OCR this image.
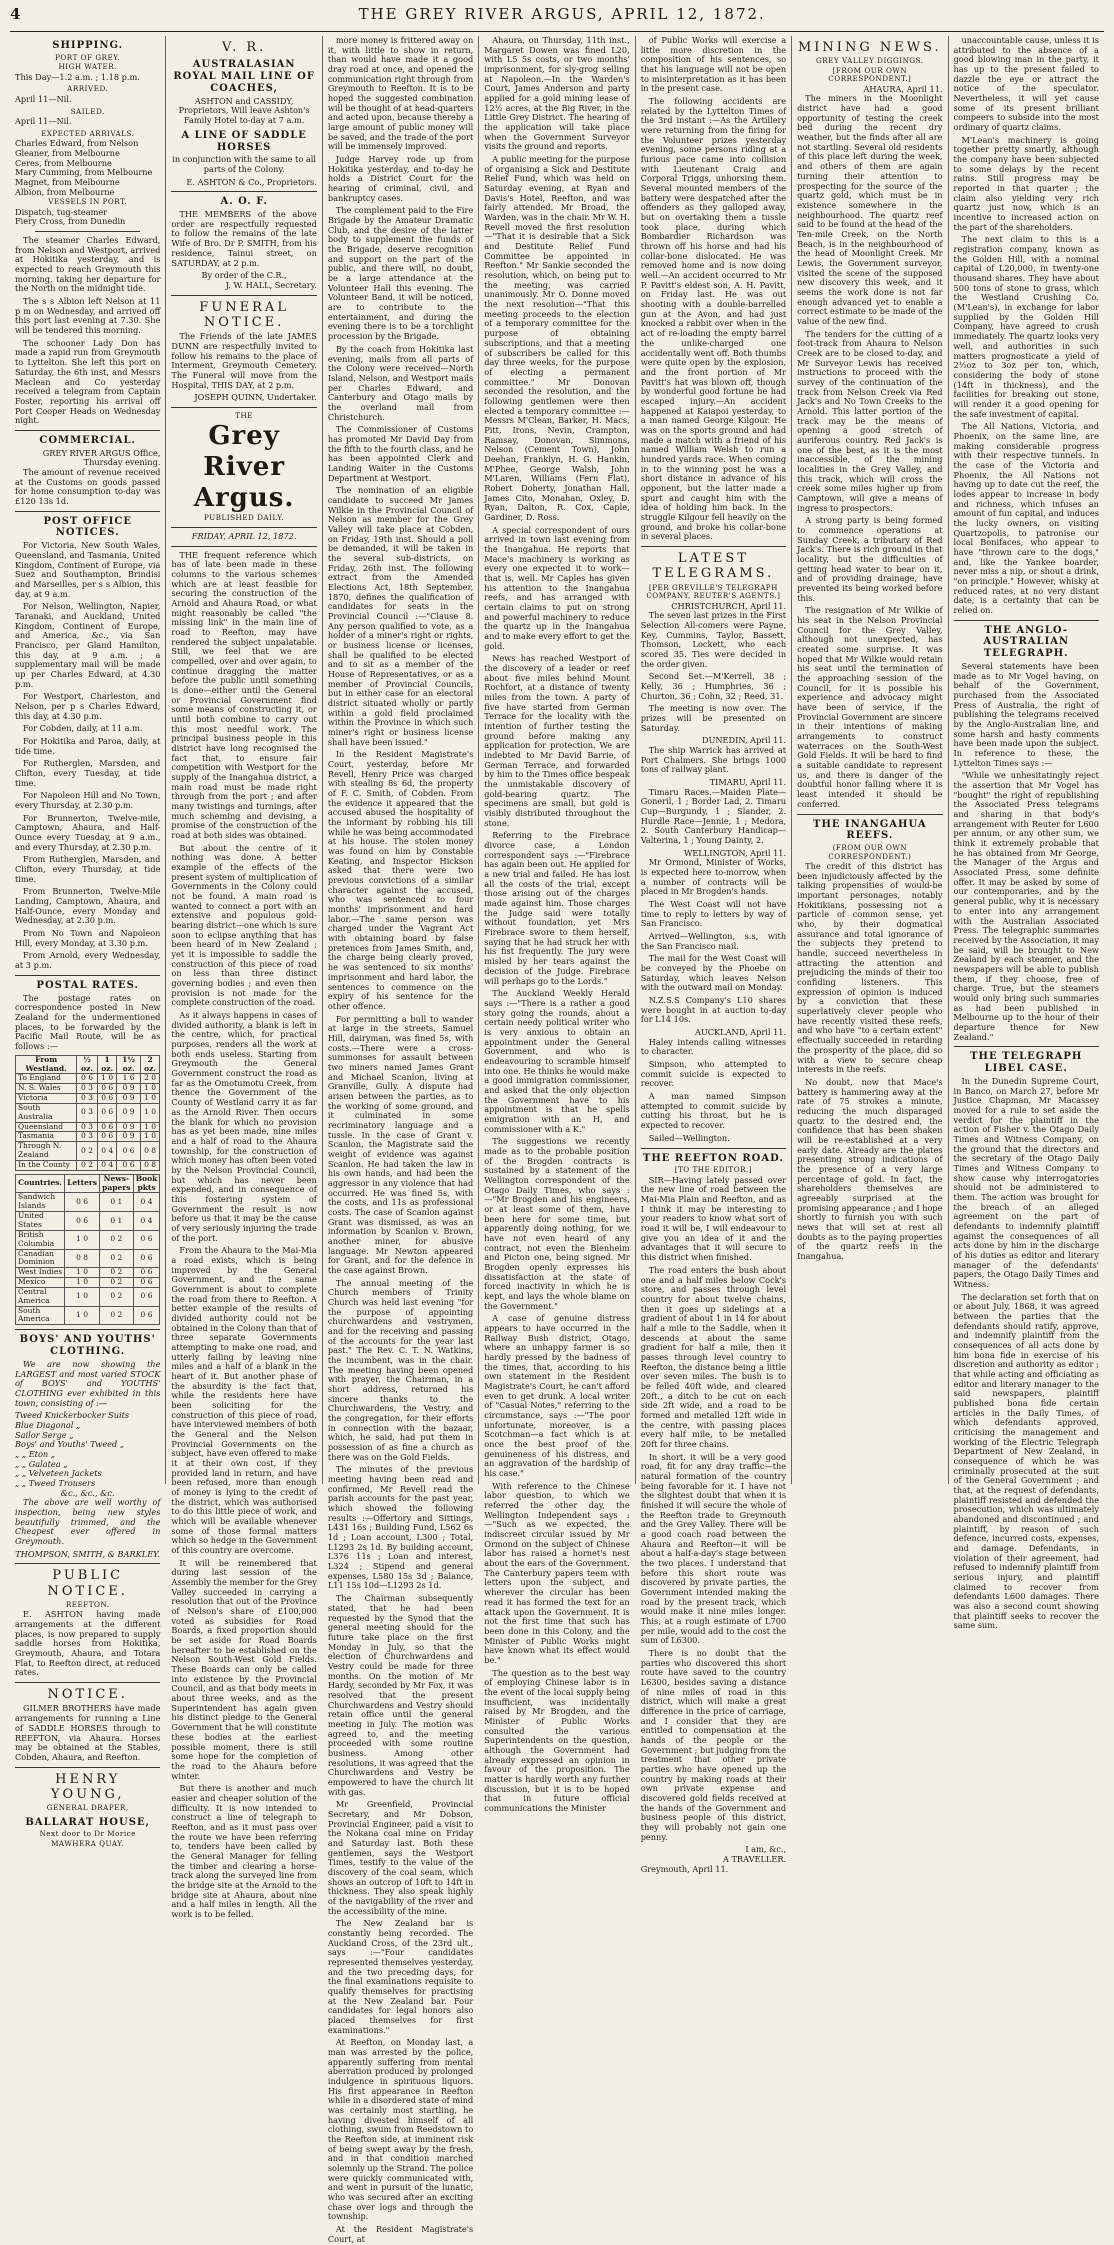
4	THE GREY RIVER ARGUS, APRIL 12, 1872.
SHIPPING.
PORT OF GREY.
HIGH WATER.

This Day—1.2 a.m. ; 1.18 p.m.

ARRIVED.

April 11—Nil.

SAILED.

April 11—Nil.

EXPECTED ARRIVALS.
Charles Edward, from Nelson
Gleaner, from Melbourne
Ceres, from Melbourne
Mary Cumming, from Melbourne
Magnet, from Melbourne
Albion, from Melbourne
VESSELS IN PORT.
Dispatch, tug-steamer
Fiery Cross, from Dunedin

The steamer Charles Edward, from Nelson and Westport, arrived at Hokitika yesterday, and is expected to reach Greymouth this morning, taking her departure for the North on the midnight tide.

The s s Albion left Nelson at 11 p m on Wednesday, and arrived off this port last evening at 7.30. She will be tendered this morning.

The schooner Lady Don has made a rapid run from Greymouth to Lyttelton. She left this port on Saturday, the 6th inst, and Messrs Maclean and Co yesterday received a telegram from Captain Foster, reporting his arrival off Port Cooper Heads on Wednesday night.

COMMERCIAL.
GREY RIVER ARGUS Office,
Thursday evening.

The amount of revenue received at the Customs on goods passed for home consumption to-day was £120 13s 1d.

POST OFFICE NOTICES.

For Victoria, New South Wales, Queensland, and Tasmania, United Kingdom, Continent of Europe, via Suez and Southampton, Brindisi and Marseilles, per s s Albion, this day, at 9 a.m.

For Nelson, Wellington, Napier, Taranaki, and Auckland, United Kingdom, Continent of Europe, and America, &c., via San Francisco, per Gland Hamilton, this day, at 9 a.m. ; a supplementary mail will be made up per Charles Edward, at 4.30 p.m.

For Westport, Charleston, and Nelson, per p s Charles Edward, this day, at 4.30 p.m.

For Cobden, daily, at 11 a.m.

For Hokitika and Paroa, daily, at tide time.

For Rutherglen, Marsden, and Clifton, every Tuesday, at tide time.

For Napoleon Hill and No Town, every Thursday, at 2.30 p.m.

For Brunnerton, Twelve-mile, Camptown, Ahaura, and Half-Ounce every Tuesday, at 9 a.m., and every Thursday, at 2.30 p.m.

From Rutherglen, Marsden, and Clifton, every Thursday, at tide time.

From Brunnerton, Twelve-Mile Landing, Camptown, Ahaura, and Half-Ounce, every Monday and Wednesday, at 2.30 p.m.

From No Town and Napoleon Hill, every Monday, at 3.30 p.m.

From Arnold, every Wednesday, at 3 p.m.

POSTAL RATES.

The postage rates on correspondence posted in New Zealand for the undermentioned places, to be forwarded by the Pacific Mail Route, will be as follows :—

From Westland.	½ oz.	1 oz.	1½ oz.	2 oz.
To England	0 6	1 0	1 6	2 0
N. S. Wales	0 3	0 6	0 9	1 0
Victoria	0 3	0 6	0 9	1 0
South Australia	0 3	0 6	0 9	1 0
Queensland	0 3	0 6	0 9	1 0
Tasmania	0 3	0 6	0 9	1 0
Through N. Zealand	0 2	0 4	0 6	0 8
In the County	0 2	0 4	0 6	0 8
Countries.	Letters	News-papers	Book pkts
Sandwich Islands	0 6	0 1	0 4
United States	0 6	0 1	0 4
British Columbia	1 0	0 2	0 6
Canadian Dominion	0 8	0 2	0 6
West Indies	1 0	0 2	0 6
Mexico	1 0	0 2	0 6
Central America	1 0	0 2	0 6
South America	1 0	0 2	0 6
BOYS' AND YOUTHS' CLOTHING.

We are now showing the LARGEST and most varied STOCK of BOYS' and YOUTHS' CLOTHING ever exhibited in this town, consisting of :—

Tweed Knickerbocker Suits
Blue Diagonal „
Sailor Serge „
Boys' and Youths' Tweed „
„ „ Eton „
„ „ Galatea „
„ „ Velveteen Jackets
„ „ Tweed Trousers
&c., &c., &c.

The above are well worthy of inspection, being new styles beautifully trimmed, and the Cheapest ever offered in Greymouth.

THOMPSON, SMITH, & BARKLEY.
PUBLIC NOTICE.
REEFTON.

E. ASHTON having made arrangements at the different places, is now prepared to supply saddle horses from Hokitika, Greymouth, Ahaura, and Totara Flat, to Reefton direct, at reduced rates.

NOTICE.

GILMER BROTHERS have made arrangements for running a Line of SADDLE HORSES through to REEFTON, via Ahaura. Horses may be obtained at the Stables, Cobden, Ahaura, and Reefton.

HENRY YOUNG,
GENERAL DRAPER,
BALLARAT HOUSE,
Next door to Dr Morice
MAWHERA QUAY.
V. R.
AUSTRALASIAN ROYAL MAIL LINE OF COACHES,

ASHTON and CASSIDY, Proprietors, Will leave Ashton's Family Hotel to-day at 7 a.m.

A LINE OF SADDLE HORSES

in conjunction with the same to all parts of the Colony.

E. ASHTON & Co., Proprietors.
A. O. F.

THE MEMBERS of the above order are respectfully requested to follow the remains of the late Wife of Bro. Dr P. SMITH, from his residence, Tainui street, on SATURDAY, at 2 p.m.

By order of the C.R.,
J. W. HALL, Secretary.
FUNERAL NOTICE.

The Friends of the late JAMES DUNN are respectfully invited to follow his remains to the place of Interment, Greymouth Cemetery. The Funeral will move from the Hospital, THIS DAY, at 2 p.m.

JOSEPH QUINN, Undertaker.
THE
Grey River Argus.
PUBLISHED DAILY.
FRIDAY, APRIL 12, 1872.

THE frequent reference which has of late been made in these columns to the various schemes which are at least feasible for securing the construction of the Arnold and Ahaura Road, or what might reasonably be called "the missing link" in the main line of road to Reefton, may have rendered the subject unpalatable. Still, we feel that we are compelled, over and over again, to continue dragging the matter before the public until something is done—either until the General or Provincial Government find some means of constructing it, or until both combine to carry out this most needful work. The principal business people in this district have long recognised the fact that, to ensure fair competition with Westport for the supply of the Inangahua district, a main road must be made right through from the port ; and after many twistings and turnings, after much scheming and devising, a promise of the construction of the road at both sides was obtained.

But about the centre of it nothing was done. A better example of the effects of the present system of multiplication of Governments in the Colony could not be found. A main road is wanted to connect a port with an extensive and populous gold-bearing district—one which is sure soon to eclipse anything that has been heard of in New Zealand ; yet it is impossible to saddle the construction of this piece of road on less than three distinct governing bodies ; and even then provision is not made for the complete construction of the road.

As it always happens in cases of divided authority, a blank is left in the centre, which, for practical purposes, renders all the work at both ends useless. Starting from Greymouth the General Government construct the road as far as the Omotumotu Creek, from thence the Government of the County of Westland carry it as far as the Arnold River. Then occurs the blank for which no provision has as yet been made, nine miles and a half of road to the Ahaura township, for the construction of which money has often been voted by the Nelson Provincial Council, but which has never been expended, and in consequence of this fostering system of Government the result is now before us that it may be the cause of very seriously injuring the trade of the port.

From the Ahaura to the Mai-Mia a road exists, which is being improved by the General Government, and the same Government is about to complete the road from there to Reefton. A better example of the results of divided authority could not be obtained in the Colony than that of three separate Governments attempting to make one road, and utterly failing by leaving nine miles and a half of a blank in the heart of it. But another phase of the absurdity is the fact that, while the residents here have been soliciting for the construction of this piece of road, have interviewed members of both the General and the Nelson Provincial Governments on the subject, have even offered to make it at their own cost, if they provided land in return, and have been refused, more than enough of money is lying to the credit of the district, which was authorised to do this little piece of work, and which will be available whenever some of those formal matters which so hedge in the Government of this country are overcome.

It will be remembered that during last session of the Assembly the member for the Grey Valley succeeded in carrying a resolution that out of the Province of Nelson's share of £100,000 voted as subsidies for Road Boards, a fixed proportion should be set aside for Road Boards hereafter to be established on the Nelson South-West Gold Fields. These Boards can only be called into existence by the Provincial Council, and as that body meets in about three weeks, and as the Superintendent has again given his distinct pledge to the General Government that he will constitute these bodies at the earliest possible moment, there is still some hope for the completion of the road to the Ahaura before winter.

But there is another and much easier and cheaper solution of the difficulty. It is now intended to construct a line of telegraph to Reefton, and as it must pass over the route we have been referring to, tenders have been called by the General Manager for felling the timber and clearing a horse-track along the surveyed line from the bridge site at the Arnold to the bridge site at Ahaura, about nine and a half miles in length. All the work is to be felled.

more money is frittered away on it, with little to show in return, than would have made it a good dray road at once, and opened the communication right through from Greymouth to Reefton. It is to be hoped the suggested combination will be thought of at head-quarters and acted upon, because thereby a large amount of public money will be saved, and the trade of the port will be immensely improved.

Judge Harvey rode up from Hokitika yesterday, and to-day he holds a District Court for the hearing of criminal, civil, and bankruptcy cases.

The complement paid to the Fire Brigade by the Amateur Dramatic Club, and the desire of the latter body to supplement the funds of the Brigade, deserve recognition and support on the part of the public, and there will, no doubt, be a large attendance at the Volunteer Hall this evening. The Volunteer Band, it will be noticed, are to contribute to the entertainment, and during the evening there is to be a torchlight procession by the Brigade.

By the coach from Hokitika last evening, mails from all parts of the Colony were received—North Island, Nelson, and Westport mails per Charles Edward, and Canterbury and Otago mails by the overland mail from Christchurch.

The Commissioner of Customs has promoted Mr David Day from the fifth to the fourth class, and he has been appointed Clerk and Landing Waiter in the Customs Department at Westport.

The nomination of an eligible candidate to succeed Mr James Wilkie in the Provincial Council of Nelson as member for the Grey Valley will take place at Cobden, on Friday, 19th inst. Should a poll be demanded, it will be taken in the several sub-districts, on Friday, 26th inst. The following extract from the Amended Elections Act, 18th September, 1870, defines the qualification of candidates for seats in the Provincial Council :—"Clause 8. Any person qualified to vote, as a holder of a miner's right or rights, or business license or licenses, shall be qualified to be elected and to sit as a member of the House of Representatives, or as a member of Provincial Councils, but in either case for an electoral district situated wholly or partly within a gold field proclaimed within the Province in which such miner's right or business license shall have been issued."

In the Resident Magistrate's Court, yesterday, before Mr Revell, Henry Price was charged with stealing 8s 6d, the property of F. C. Smith, of Cobden. From the evidence it appeared that the accused abused the hospitality of the informant by robbing his till while he was being accommodated at his house. The stolen money was found on him by Constable Keating, and Inspector Hickson asked that there were two previous convictions of a similar character against the accused, who was sentenced to four months' imprisonment and hard labor.—The same person was charged under the Vagrant Act with obtaining board by false pretences from James Smith, and, the charge being clearly proved, he was sentenced to six months' imprisonment and hard labor, the sentences to commence on the expiry of his sentence for the other offence.

For permitting a bull to wander at large in the streets, Samuel Hill, dairyman, was fined 5s, with costs.—There were a cross-summonses for assault between two miners named James Grant and Michael Scanlon, living at Granville, Gully. A dispute had arisen between the parties, as to the working of some ground, and it culminated in some recriminatory language and a tussle. In the case of Grant v. Scanlon, the Magistrate said the weight of evidence was against Scanlon. He had taken the law in his own hands, and had been the aggressor in any violence that had occurred. He was fined 5s, with the costs, and 11s as professional costs. The case of Scanlon against Grant was dismissed, as was an information by Scanlon v. Brown, another miner, for abusive language. Mr Newton appeared for Grant, and for the defence in the case against Brown.

The annual meeting of the Church members of Trinity Church was held last evening "for the purpose of appointing churchwardens and vestrymen, and for the receiving and passing of the accounts for the year last past." The Rev. C. T. N. Watkins, the incumbent, was in the chair. The meeting having been opened with prayer, the Chairman, in a short address, returned his sincere thanks to the Churchwardens, the Vestry, and the congregation, for their efforts in connection with the bazaar, which, he said, had put them in possession of as fine a church as there was on the Gold Fields.

The minutes of the previous meeting having been read and confirmed, Mr Revell read the parish accounts for the past year, which showed the following results :—Offertory and Sittings, L431 16s ; Building Fund, L562 6s 1d ; Loan account, L300 ; Total, L1293 2s 1d. By building account, L376 11s ; Loan and interest, L324 ; Stipend and general expenses, L580 15s 3d ; Balance, L11 15s 10d—L1293 2s 1d.

The Chairman subsequently stated, that he had been requested by the Synod that the general meeting should for the future take place on the first Monday in July, so that the election of Churchwardens and Vestry could be made for three months. On the motion of Mr Hardy, seconded by Mr Fox, it was resolved that the present Churchwardens and Vestry should retain office until the general meeting in July. The motion was agreed to, and the meeting proceeded with some routine business. Among other resolutions, it was agreed that the Churchwardens and Vestry be empowered to have the church lit with gas.

Mr Greenfield, Provincial Secretary, and Mr Dobson, Provincial Engineer, paid a visit to the Nokana coal mine on Friday and Saturday last. Both these gentlemen, says the Westport Times, testify to the value of the discovery of the coal seam, which shows an outcrop of 10ft to 14ft in thickness. They also speak highly of the navigability of the river and the accessibility of the mine.

The New Zealand bar is constantly being recorded. The Auckland Cross, of the 23rd ult., says :—"Four candidates represented themselves yesterday, and the two preceding days, for the final examinations requisite to qualify themselves for practising at the New Zealand bar. Four candidates for legal honors also placed themselves for first examinations."

At Reefton, on Monday last, a man was arrested by the police, apparently suffering from mental aberration produced by prolonged indulgence in spirituous liquors. His first appearance in Reefton while in a disordered state of mind was certainly most startling, he having divested himself of all clothing, swum from Reedstown to the Reefton side, at imminent risk of being swept away by the fresh, and in that condition marched solemnly up the Strand. The police were quickly communicated with, and went in pursuit of the lunatic, who was secured after an exciting chase over logs and through the township.

At the Resident Magistrate's Court, at

Ahaura, on Thursday, 11th inst., Margaret Dowen was fined L20, with L5 5s costs, or two months' imprisonment, for sly-grog selling at Napoleon.—In the Warden's Court, James Anderson and party applied for a gold mining lease of 12½ acres, at the Big River, in the Little Grey District. The hearing of the application will take place when the Government Surveyor visits the ground and reports.

A public meeting for the purpose of organising a Sick and Destitute Relief Fund, which was held on Saturday evening, at Ryan and Davis's Hotel, Reefton, and was fairly attended. Mr Broad, the Warden, was in the chair. Mr W. H. Revell moved the first resolution—"That it is desirable that a Sick and Destitute Relief Fund Committee be appointed in Reefton." Mr Sankie seconded the resolution, which, on being put to the meeting, was carried unanimously. Mr O. Donne moved the next resolution—"That this meeting proceeds to the election of a temporary committee for the purpose of obtaining subscriptions, and that a meeting of subscribers be called for this day three weeks, for the purpose of electing a permanent committee." Mr Donovan seconded the resolution, and the following gentlemen were then elected a temporary committee :—Messrs M'Clean, Barker, H. Macs, Pitt, Irons, Nevin, Crampton, Ramsay, Donovan, Simmons, Nelson (Cement Town), John Deehan, Franklyn, H. G. Hankin, M'Phee, George Walsh, John M'Laren, Williams (Fern Flat), Robert Doherty, Jonathan Hall, James Cito, Monahan, Oxley, D. Ryan, Dalton, R. Cox, Caple, Gardiner, D. Ross.

A special correspondent of ours arrived in town last evening from the Inangahua. He reports that Mace's machinery is working as every one expected it to work—that is, well. Mr Caples has given his attention to the Inangahua reefs, and has arranged with certain claims to put on strong and powerful machinery to reduce the quartz up in the Inangahua and to make every effort to get the gold.

News has reached Westport of the discovery of a leader or reef about five miles behind Mount Rochfort, at a distance of twenty miles from the town. A party of five have started from German Terrace for the locality with the intention of further testing the ground before making any application for protection. We are indebted to Mr David Barrie, of German Terrace, and forwarded by him to the Times office bespeak the unmistakable discovery of gold-bearing quartz. The specimens are small, but gold is visibly distributed throughout the stone.

Referring to the Firebrace divorce case, a London correspondent says :—"Firebrace has again been out. He applied for a new trial and failed. He has lost all the costs of the trial, except those arising out of the charges made against him. Those charges the Judge said were totally without foundation, yet Mrs Firebrace swore to them herself, saying that he had struck her with his fist frequently. The jury were misled by her tears against the decision of the Judge. Firebrace will perhaps go to the Lords."

The Auckland Weekly Herald says :—"There is a rather a good story going the rounds, about a certain needy political writer who is very anxious to obtain an appointment under the General Government, and who is endeavouring to scramble himself into one. He thinks he would make a good immigration commissioner, and asked that the only objection the Government have to his appointment is that he spells emigration with an H, and commissioner with a K."

The suggestions we recently made as to the probable position of the Brogden contracts is sustained by a statement of the Wellington correspondent of the Otago Daily Times, who says :—"Mr Brogden and his engineers, or at least some of them, have been here for some time, but apparently doing nothing, for we have not even heard of any contract, not even the Blenheim and Picton one, being signed. Mr Brogden openly expresses his dissatisfaction at the state of forced inactivity in which he is kept, and lays the whole blame on the Government."

A case of genuine distress appears to have occurred in the Railway Bush district, Otago, where an unhappy farmer is so hardly pressed by the badness of the times, that, according to his own statement in the Resident Magistrate's Court, he can't afford even to get drunk. A local writer of "Casual Notes," referring to the circumstance, says :—"The poor unfortunate, moreover, is a Scotchman—a fact which is at once the best proof of the genuineness of his distress, and an aggravation of the hardship of his case."

With reference to the Chinese labor question, to which we referred the other day, the Wellington Independent says :—"Such as we expected, the indiscreet circular issued by Mr Ormond on the subject of Chinese labor has raised a hornet's nest about the ears of the Government. The Canterbury papers teem with letters upon the subject, and wherever the circular has been read it has formed the text for an attack upon the Government. It is not the first time that such has been done in this Colony, and the Minister of Public Works might have known what its effect would be."

The question as to the best way of employing Chinese labor is in the event of the local supply being insufficient, was incidentally raised by Mr Brogden, and the Minister of Public Works consulted the various Superintendents on the question, although the Government had already expressed an opinion in favour of the proposition. The matter is hardly worth any further discussion, but it is to be hoped that in future official communications the Minister

of Public Works will exercise a little more discretion in the composition of his sentences, so that his language will not be open to misinterpretation as it has been in the present case.

The following accidents are related by the Lyttelton Times of the 3rd instant :—As the Artillery were returning from the firing for the Volunteer prizes yesterday evening, some persons riding at a furious pace came into collision with Lieutenant Craig and Corporal Triggs, unhorsing them. Several mounted members of the battery were despatched after the offenders as they galloped away, but on overtaking them a tussle took place, during which Bombardier Richardson was thrown off his horse and had his collar-bone dislocated. He was removed home and is now doing well.—An accident occurred to Mr P. Pavitt's eldest son, A. H. Pavitt, on Friday last. He was out shooting with a double-barrelled gun at the Avon, and had just knocked a rabbit over when in the act of re-loading the empty barrel the unlike-charged one accidentally went off. Both thumbs were quite open by the explosion, and the front portion of Mr Pavitt's hat was blown off, though by wonderful good fortune he had escaped injury.—An accident happened at Kaiapoi yesterday, to a man named George Kilgour. He was on the sports ground and had made a match with a friend of his named William Welsh to run a hundred yards race. When coming in to the winning post he was a short distance in advance of his opponent, but the latter made a spurt and caught him with the idea of holding him back. In the struggle Kilgour fell heavily on the ground, and broke his collar-bone in several places.

LATEST TELEGRAMS.
[PER GREVILLE'S TELEGRAPH COMPANY, REUTER'S AGENTS.]
CHRISTCHURCH, April 11.

The seven last prizes in the First Selection All-comers were Payne, Key, Cummins, Taylor, Bassett, Thomson, Lockett, who each scored 35. Ties were decided in the order given.

Second Set.—M'Kerrell, 38 ; Kelly, 36 ; Humphries, 36 ; Churton, 36 ; Cohn, 32 ; Reed, 31.

The meeting is now over. The prizes will be presented on Saturday.

DUNEDIN, April 11.

The ship Warrick has arrived at Port Chalmers. She brings 1000 tons of railway plant.

TIMARU, April 11.

Timaru Races.—Maiden Plate—Goneril, 1 ; Border Lad, 2. Timaru Cup—Burgundy, 1 ; Slander, 2. Hurdle Race—Jennie, 1 ; Medora, 2. South Canterbury Handicap—Valterina, 1 ; Young Dainty, 2.

WELLINGTON, April 11.

Mr Ormond, Minister of Works, is expected here to-morrow, when a number of contracts will be placed in Mr Brogden's hands.

The West Coast will not have time to reply to letters by way of San Francisco.

Arrived—Wellington, s.s, with the San Francisco mail.

The mail for the West Coast will be conveyed by the Phoebe on Saturday, which leaves Nelson with the outward mail on Monday.

N.Z.S.S Company's L10 shares were bought in at auction to-day for L14 10s.

AUCKLAND, April 11.

Haley intends calling witnesses to character.

Simpson, who attempted to commit suicide is expected to recover.

A man named Simpson attempted to commit suicide by cutting his throat, but he is expected to recover.

Sailed—Wellington.

THE REEFTON ROAD.
[TO THE EDITOR.]

SIR—Having lately passed over the new line of road between the Mai-Mia Plain and Reefton, and as I think it may be interesting to your readers to know what sort of road it will be, I will endeavour to give you an idea of it and the advantages that it will secure to this district when finished.

The road enters the bush about one and a half miles below Cock's store, and passes through level country for about twelve chains, then it goes up sidelings at a gradient of about 1 in 14 for about half a mile to the Saddle, when it descends at about the same gradient for half a mile, then it passes through level country to Reefton, the distance being a little over seven miles. The bush is to be felled 40ft wide, and cleared 20ft., a ditch to be cut on each side 2ft wide, and a road to be formed and metalled 12ft wide in the centre, with passing places every half mile, to be metalled 20ft for three chains.

In short, it will be a very good road, fit for any dray traffic—the natural formation of the country being favorable for it. I have not the slightest doubt that when it is finished it will secure the whole of the Reefton trade to Greymouth and the Grey Valley. There will be a good coach road between the Ahaura and Reefton—it will be about a half-a-day's stage between the two places. I understand that before this short route was discovered by private parties, the Government intended making the road by the present track, which would make it nine miles longer. This, at a rough estimate of L700 per mile, would add to the cost the sum of L6300.

There is no doubt that the parties who discovered this short route have saved to the country L6300, besides saving a distance of nine miles of road in this district, which will make a great difference in the price of carriage, and I consider that they are entitled to compensation at the hands of the people or the Government ; but judging from the treatment that other private parties who have opened up the country by making roads at their own private expense and discovered gold fields received at the hands of the Government and business people of this district, they will probably not gain one penny.

I am, &c.,
A TRAVELLER.
Greymouth, April 11.
MINING NEWS.
GREY VALLEY DIGGINGS.
[FROM OUR OWN CORRESPONDENT.]
AHAURA, April 11.

The miners in the Moonlight district have had a good opportunity of testing the creek bed during the recent dry weather, but the finds after all are not startling. Several old residents of this place left during the week, and others of them are again turning their attention to prospecting for the source of the quartz gold, which must be in existence somewhere in the neighbourhood. The quartz reef said to be found at the head of the Ten-mile Creek, on the North Beach, is in the neighbourhood of the head of Moonlight Creek. Mr Lewis, the Government surveyor, visited the scene of the supposed new discovery this week, and it seems the work done is not far enough advanced yet to enable a correct estimate to be made of the value of the new find.

The tenders for the cutting of a foot-track from Ahaura to Nelson Creek are to be closed to-day, and Mr Surveyor Lewis has received instructions to proceed with the survey of the continuation of the track from Nelson Creek via Red Jack's and No Town Creeks to the Arnold. This latter portion of the track may be the means of opening a good stretch of auriferous country. Red Jack's is one of the best, as it is the most inaccessible, of the mining localities in the Grey Valley, and this track, which will cross the creek some miles higher up from Camptown, will give a means of ingress to prospectors.

A strong party is being formed to commence operations at Sunday Creek, a tributary of Red Jack's. There is rich ground in that locality, but the difficulties of getting head water to bear on it, and of providing drainage, have prevented its being worked before this.

The resignation of Mr Wilkie of his seat in the Nelson Provincial Council for the Grey Valley, although not unexpected, has created some surprise. It was hoped that Mr Wilkie would retain his seat until the termination of the approaching session of the Council, for it is possible his experience and advocacy might have been of service, if the Provincial Government are sincere in their intentions of making arrangements to construct waterraces on the South-West Gold Fields. It will be hard to find a suitable candidate to represent us, and there is danger of the doubtful honor falling where it is least intended it should be conferred.

THE INANGAHUA REEFS.
(FROM OUR OWN CORRESPONDENT.)

The credit of this district has been injudiciously affected by the talking propensities of would-be important personages, notably Hokitikians, possessing not a particle of common sense, yet who, by their dogmatical assurance and total ignorance of the subjects they pretend to handle, succeed nevertheless in attracting the attention and prejudicing the minds of their too confiding listeners. This expression of opinion is induced by a conviction that these superlatively clever people who have recently visited these reefs, and who have "to a certain extent" effectually succeeded in retarding the prosperity of the place, did so with a view to secure cheap interests in the reefs.

No doubt, now that Mace's battery is hammering away at the rate of 75 strokes a minute, reducing the much disparaged quartz to the desired end, the confidence that has been shaken will be re-established at a very early date. Already are the plates presenting strong indications of the presence of a very large percentage of gold. In fact, the shareholders themselves are agreeably surprised at the promising appearance ; and I hope shortly to furnish you with such news that will set at rest all doubts as to the paying properties of the quartz reefs in the Inangahua.

unaccountable cause, unless it is attributed to the absence of a good blowing man in the party, it has up to the present failed to dazzle the eye or attract the notice of the speculator. Nevertheless, it will yet cause some of its present brilliant compeers to subside into the most ordinary of quartz claims.

M'Lean's machinery is going together pretty smartly, although the company have been subjected to some delays by the recent rains. Still progress may be reported in that quarter ; the claim also yielding very rich quartz just now, which is an incentive to increased action on the part of the shareholders.

The next claim to this is a registration company, known as the Golden Hill, with a nominal capital of L20,000, in twenty-one thousand shares. They have about 500 tons of stone to grass, which the Westland Crushing Co. (M'Lean's), in exchange for labor supplied by the Golden Hill Company, have agreed to crush immediately. The quartz looks very well, and authorities in such matters prognosticate a yield of 2½oz to 3oz per ton, which, considering the body of stone (14ft in thickness), and the facilities for breaking out stone, will render it a good opening for the safe investment of capital.

The All Nations, Victoria, and Phoenix, on the same line, are making considerable progress with their respective tunnels. In the case of the Victoria and Phoenix, the All Nations not having up to date cut the reef, the lodes appear to increase in body and richness, which infuses an amount of fun capital, and induces the lucky owners, on visiting Quartzopolis, to patronise our local Bonifaces, who appear to have "thrown care to the dogs," and, like the Yankee boarder, never miss a nip, or shout a drink, "on principle." However, whisky at reduced rates, at no very distant date, is a certainty that can be relied on.

THE ANGLO-AUSTRALIAN TELEGRAPH.

Several statements have been made as to Mr Vogel having, on behalf of the Government, purchased from the Associated Press of Australia, the right of publishing the telegrams received by the Anglo-Australian line, and some harsh and hasty comments have been made upon the subject. In reference to these, the Lyttelton Times says :—

"While we unhesitatingly reject the assertion that Mr Vogel has "bought" the right of republishing the Associated Press telegrams and sharing in that body's arrangement with Reuter for L600 per annum, or any other sum, we think it extremely probable that he has obtained from Mr George, the Manager of the Argus and Associated Press, some definite offer. It may be asked by some of our contemporaries, and by the general public, why it is necessary to enter into any arrangement with the Australian Associated Press. The telegraphic summaries received by the Association, it may be said, will be brought to New Zealand by each steamer, and the newspapers will be able to publish them, if they choose, free of charge. True, but the steamers would only bring such summaries as had been published in Melbourne up to the hour of their departure thence for New Zealand."

THE TELEGRAPH LIBEL CASE.

In the Dunedin Supreme Court, in Banco, on March 27, before Mr Justice Chapman, Mr Macassey moved for a rule to set aside the verdict for the plaintiff in the action of Fisher v. the Otago Daily Times and Witness Company, on the ground that the directors and the secretary of the Otago Daily Times and Witness Company to show cause why interrogatories should not be administered to them. The action was brought for the breach of an alleged agreement on the part of defendants to indemnify plaintiff against the consequences of all acts done by him in the discharge of his duties as editor and literary manager of the defendants' papers, the Otago Daily Times and Witness.

The declaration set forth that on or about July, 1868, it was agreed between the parties that the defendants should ratify, approve, and indemnify plaintiff from the consequences of all acts done by him bona fide in exercise of his discretion and authority as editor ; that while acting and officiating as editor and literary manager to the said newspapers, plaintiff published bona fide certain articles in the Daily Times, of which defendants approved, criticising the management and working of the Electric Telegraph Department of New Zealand, in consequence of which he was criminally prosecuted at the suit of the General Government ; and that, at the request of defendants, plaintiff resisted and defended the prosecution, which was ultimately abandoned and discontinued ; and plaintiff, by reason of such defence, incurred costs, expenses, and damage. Defendants, in violation of their agreement, had refused to indemnify plaintiff from serious injury, and plaintiff claimed to recover from defendants L600 damages. There was also a second count showing that plaintiff seeks to recover the same sum.
